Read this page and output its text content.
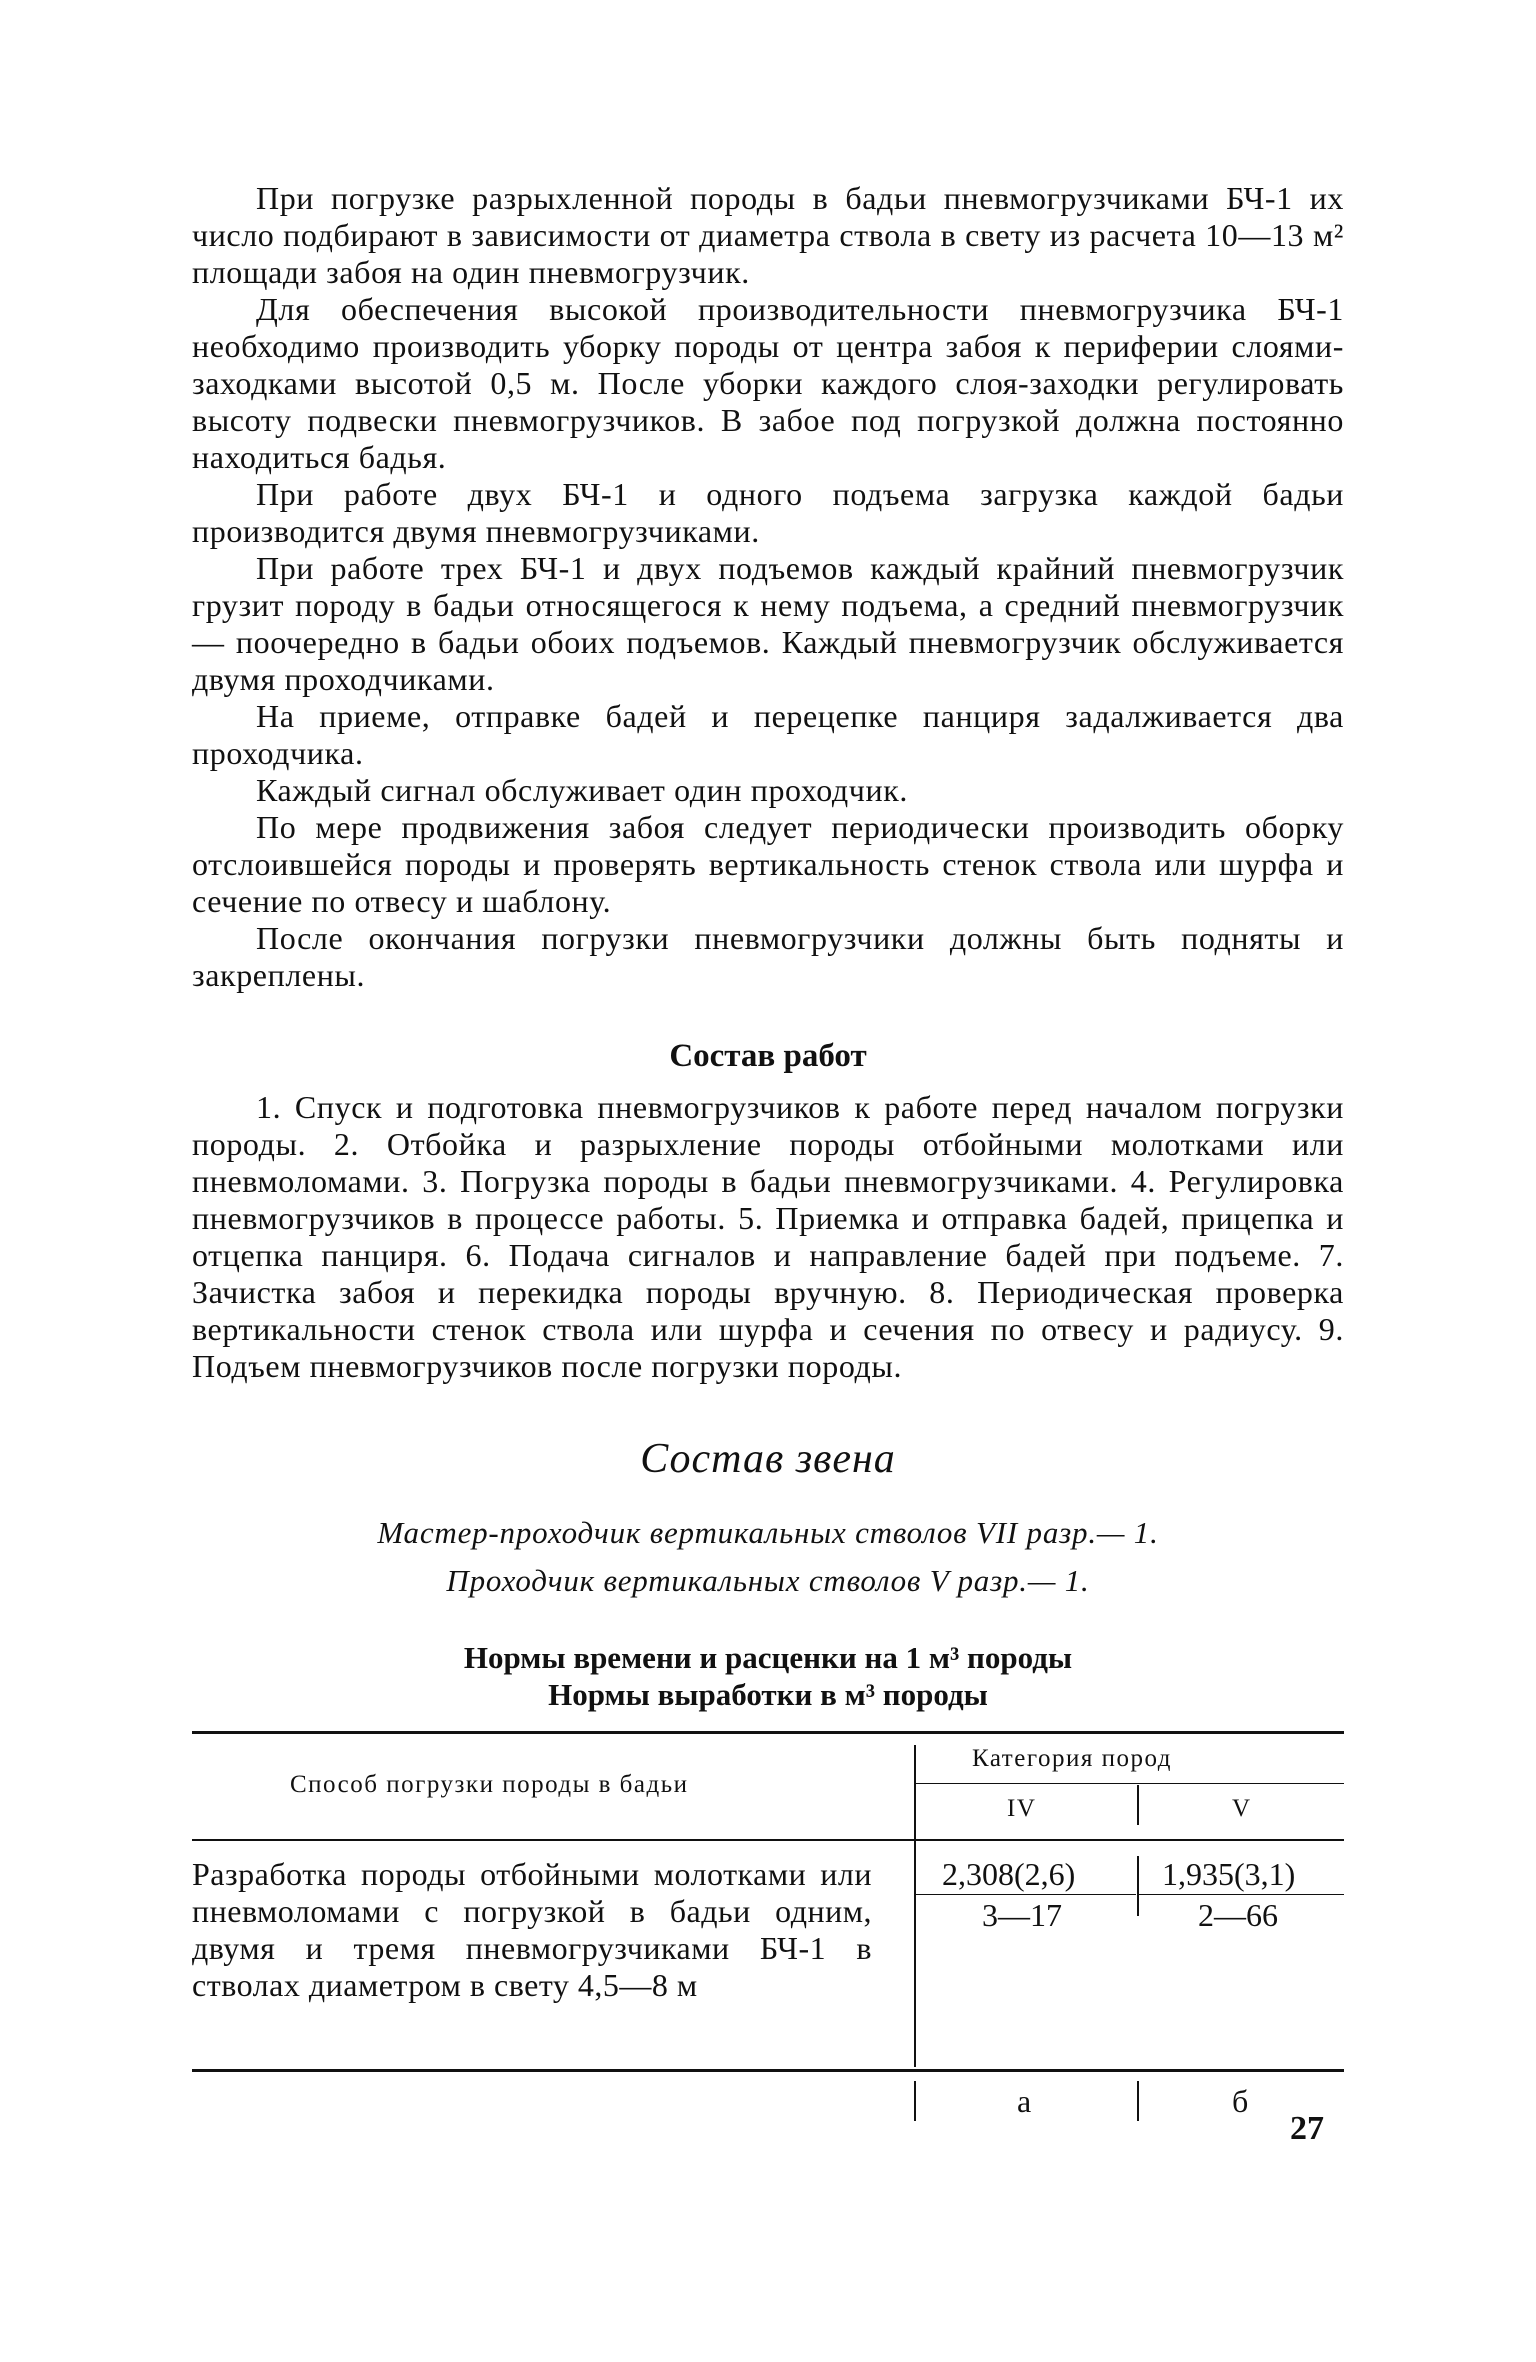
При погрузке разрыхленной породы в бадьи пневмогрузчиками БЧ-1 их число подбирают в зависимости от диаметра ствола в свету из расчета 10—13 м² площади забоя на один пневмогрузчик.

Для обеспечения высокой производительности пневмогрузчика БЧ-1 необходимо производить уборку породы от центра забоя к периферии слоями-заходками высотой 0,5 м. После уборки каждого слоя-заходки регулировать высоту подвески пневмогрузчиков. В забое под погрузкой должна постоянно находиться бадья.

При работе двух БЧ-1 и одного подъема загрузка каждой бадьи производится двумя пневмогрузчиками.

При работе трех БЧ-1 и двух подъемов каждый крайний пневмогрузчик грузит породу в бадьи относящегося к нему подъема, а средний пневмогрузчик — поочередно в бадьи обоих подъемов. Каждый пневмогрузчик обслуживается двумя проходчиками.

На приеме, отправке бадей и перецепке панциря задалживается два проходчика.

Каждый сигнал обслуживает один проходчик.

По мере продвижения забоя следует периодически производить оборку отслоившейся породы и проверять вертикальность стенок ствола или шурфа и сечение по отвесу и шаблону.

После окончания погрузки пневмогрузчики должны быть подняты и закреплены.

Состав работ

1. Спуск и подготовка пневмогрузчиков к работе перед началом погрузки породы. 2. Отбойка и разрыхление породы отбойными молотками или пневмоломами. 3. Погрузка породы в бадьи пневмогрузчиками. 4. Регулировка пневмогрузчиков в процессе работы. 5. Приемка и отправка бадей, прицепка и отцепка панциря. 6. Подача сигналов и направление бадей при подъеме. 7. Зачистка забоя и перекидка породы вручную. 8. Периодическая проверка вертикальности стенок ствола или шурфа и сечения по отвесу и радиусу. 9. Подъем пневмогрузчиков после погрузки породы.

Состав звена
Мастер-проходчик вертикальных стволов VII разр.— 1.
Проходчик вертикальных стволов V разр.— 1.
Нормы времени и расценки на 1 м³ породы
Нормы выработки в м³ породы
Способ погрузки породы в бадьи
Категория пород
IV	V
2,308(2,6)
3—17
1,935(3,1)
2—66
Разработка породы отбойными молотками или пневмоломами с погрузкой в бадьи одним, двумя и тремя пневмогрузчиками БЧ-1 в стволах диаметром в свету 4,5—8 м
а	б
27
